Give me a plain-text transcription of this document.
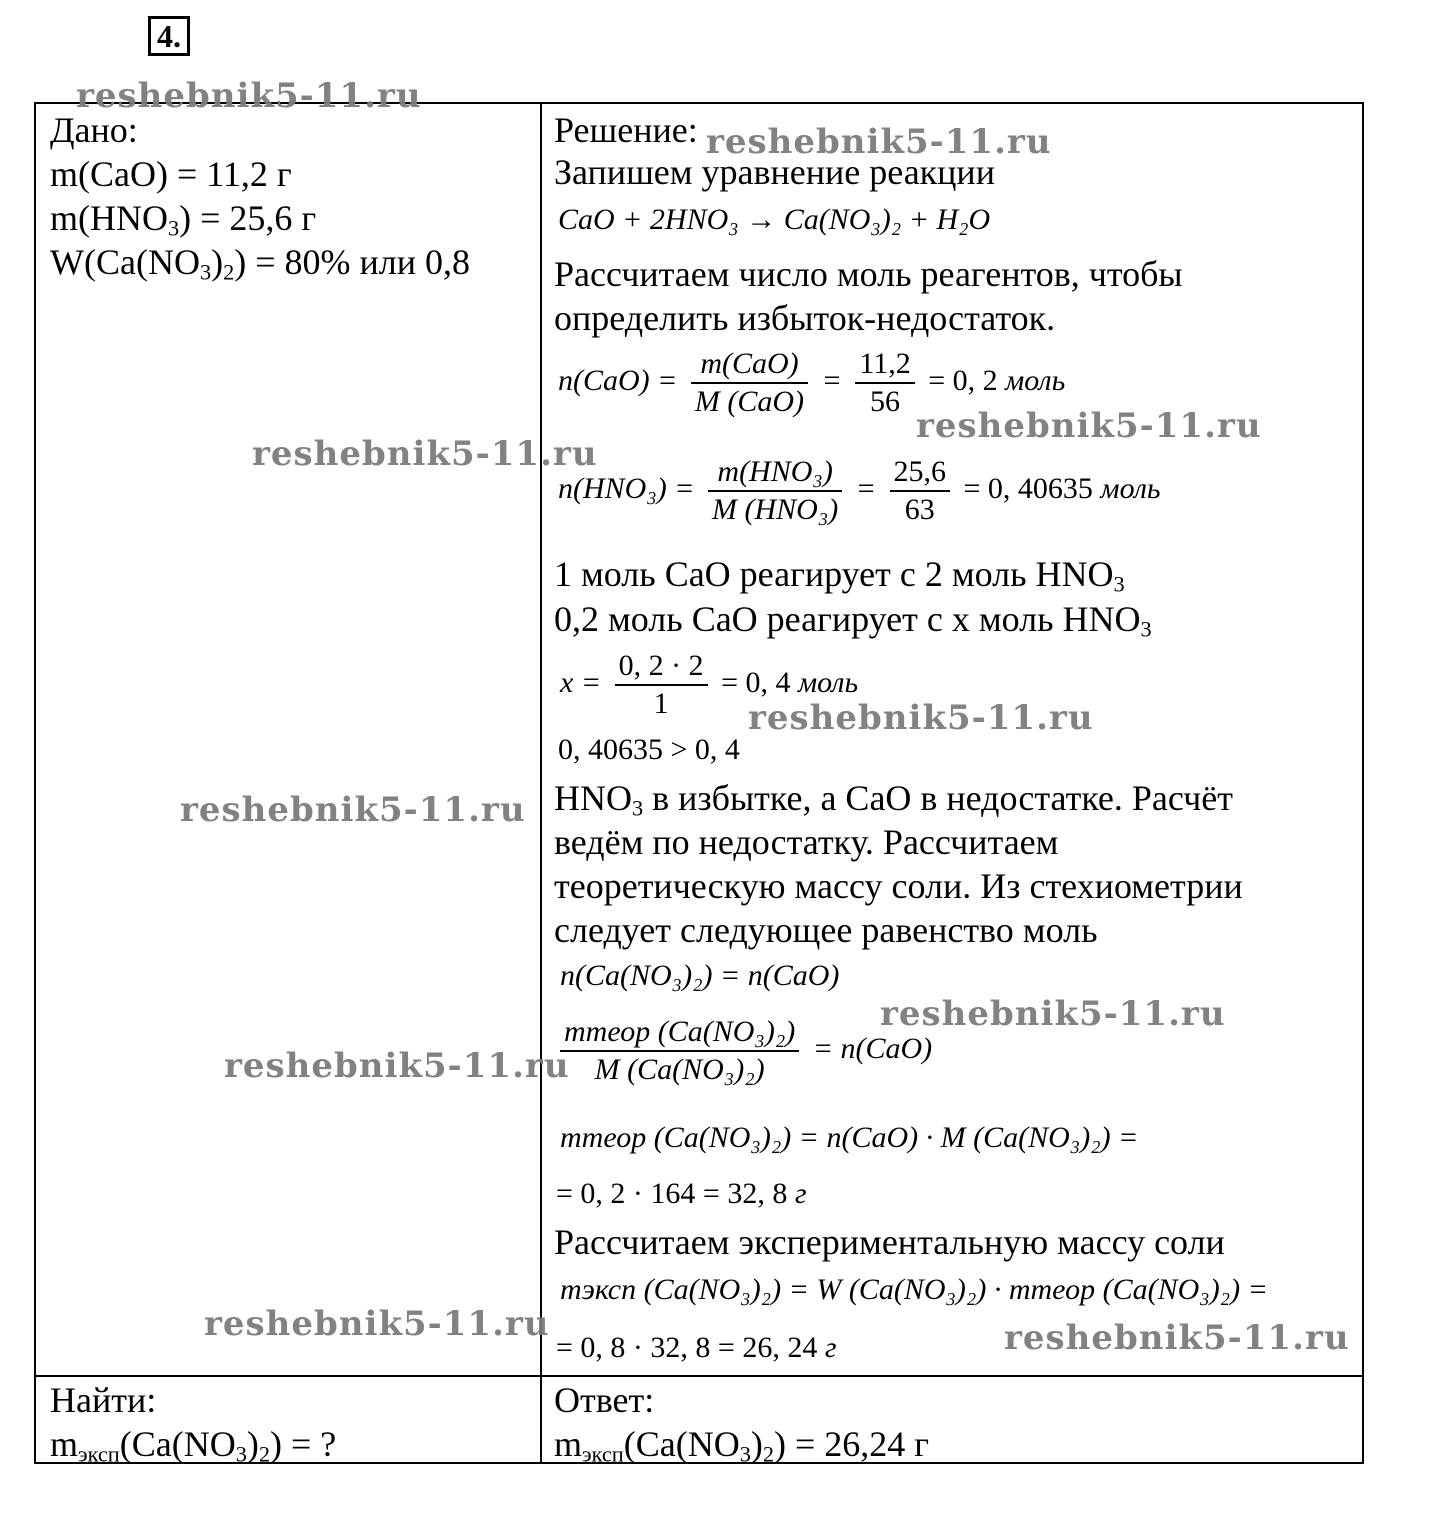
4.
Дано:
m(CaO) = 11,2 г
$m(HNO_3) = 25,6$ г
$W(Ca(NO_3)_2) = 80\%$ или 0,8
Найти:
$m_{эксп}(Ca(NO_3)_2)$ = ?
Решение:
Запишем уравнение реакции
CaO + 2HNO₃ → Ca(NO₃)₂ + H₂O
Рассчитаем число моль реагентов, чтобы
определить избыток-недостаток.
$n(CaO) = \frac{\text{m(CaO)}}{\text{M (CaO)}} = \frac{11,2}{56} = 0$, 2 моль
$n(HNO_3) = \frac{\text{m(HNO₃)}}{\text{M (HNO₃)}} = \frac{25,6}{63} = 0$, 40635 моль
1 моль CaO реагирует с 2 моль $HNO_3$
0,2 моль CaO реагирует с x моль $HNO_3$
$x = \frac{0, 2 \cdot 2}{1} = 0$, 4 моль
0, 40635 > 0, 4
$HNO_3$ в избытке, а CaO в недостатке. Расчёт
ведём по недостатку. Рассчитаем
теоретическую массу соли. Из стехиометрии
следует следующее равенство моль
n(Ca(NO₃)₂) = n(CaO)
$\frac{\text{mтеор (Ca(NO₃)₂)}}{\text{M (Ca(NO₃)₂)}} = n(CaO)$
mтеор (Ca(NO₃)₂) = n(CaO) · M (Ca(NO₃)₂) =
= 0, 2 · 164 = 32, 8 г
Рассчитаем экспериментальную массу соли
mэксп (Ca(NO₃)₂) = W (Ca(NO₃)₂) · mтеор (Ca(NO₃)₂) =
= 0, 8 · 32, 8 = 26, 24 г
Ответ:
$m_{эксп}(Ca(NO_3)_2) = 26,24$ г
reshebnik5-11.ru
reshebnik5-11.ru
reshebnik5-11.ru
reshebnik5-11.ru
reshebnik5-11.ru
reshebnik5-11.ru
reshebnik5-11.ru
reshebnik5-11.ru
reshebnik5-11.ru	reshebnik5-11.ru
